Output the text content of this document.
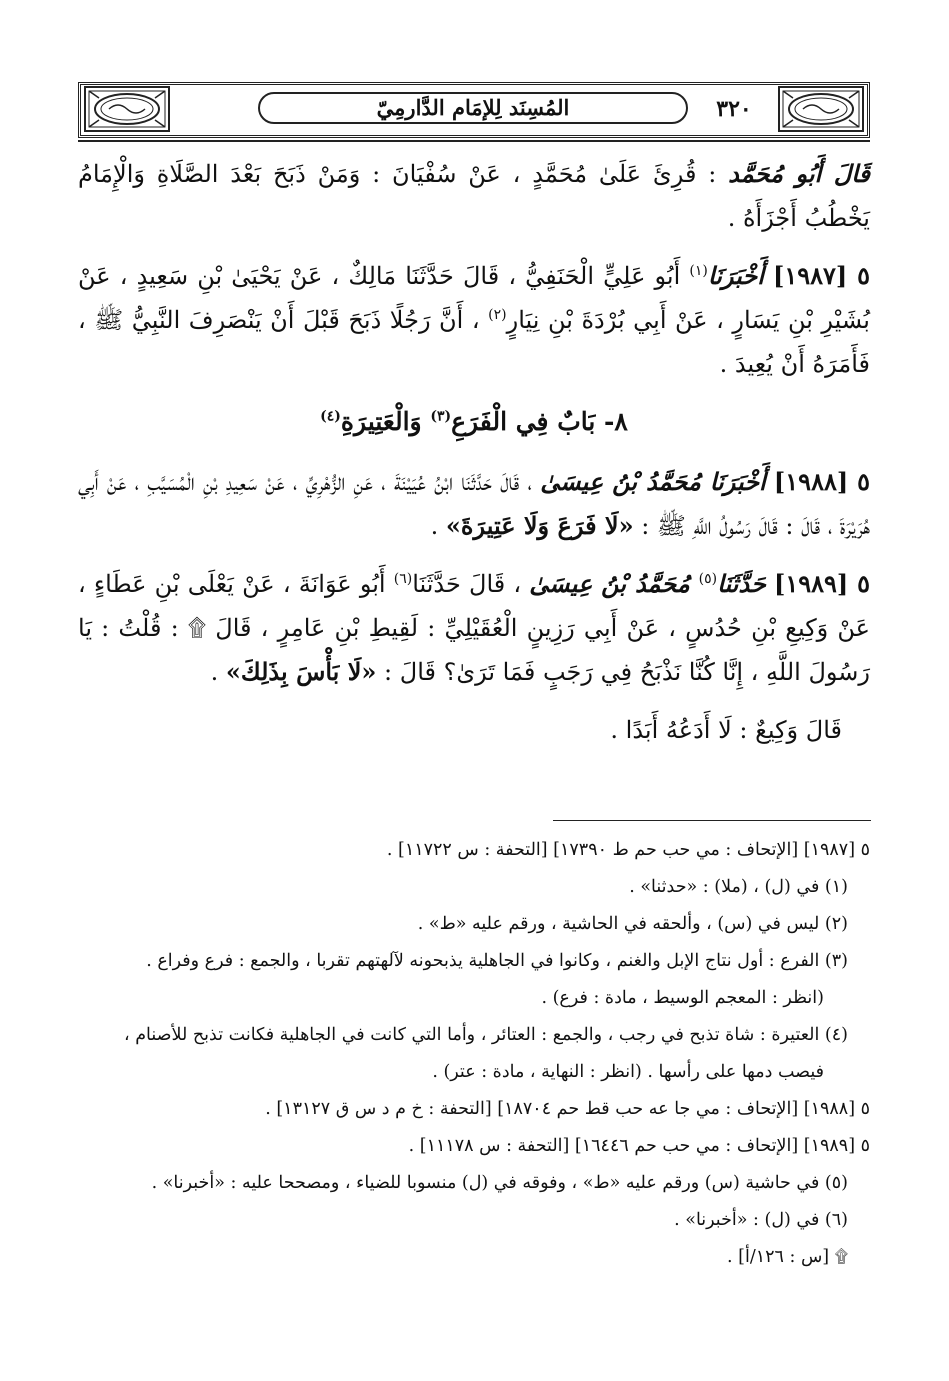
٣٢٠
المُسِنَد لِلإمَام الدَّارمِيّ

قَالَ أَبُو مُحَمَّد : قُرِئَ عَلَىٰ مُحَمَّدٍ ، عَنْ سُفْيَانَ : وَمَنْ ذَبَحَ بَعْدَ الصَّلَاةِ وَالْإِمَامُ يَخْطُبُ أَجْزَأَهُ .

٥ [١٩٨٧] أَخْبَرَنَا$^{(١)}$ أَبُو عَلِيٍّ الْحَنَفِيُّ ، قَالَ حَدَّثَنَا مَالِكٌ ، عَنْ يَحْيَىٰ بْنِ سَعِيدٍ ، عَنْ بُشَيْرِ بْنِ يَسَارٍ ، عَنْ أَبِي بُرْدَةَ بْنِ نِيَارٍ$^{(٢)}$ ، أَنَّ رَجُلًا ذَبَحَ قَبْلَ أَنْ يَنْصَرِفَ النَّبِيُّ ﷺ ، فَأَمَرَهُ أَنْ يُعِيدَ .

٨- بَابٌ فِي الْفَرَعِ$^{(٣)}$ وَالْعَتِيرَةِ$^{(٤)}$

٥ [١٩٨٨] أَخْبَرَنَا مُحَمَّدُ بْنُ عِيسَىٰ ، قَالَ حَدَّثَنَا ابْنُ عُيَيْنَةَ ، عَنِ الزُّهْرِيِّ ، عَنْ سَعِيدِ بْنِ الْمُسَيَّبِ ، عَنْ أَبِي هُرَيْرَةَ ، قَالَ : قَالَ رَسُولُ اللَّهِ ﷺ : «لَا فَرَعَ وَلَا عَتِيرَةَ» .

٥ [١٩٨٩] حَدَّثَنَا$^{(٥)}$ مُحَمَّدُ بْنُ عِيسَىٰ ، قَالَ حَدَّثَنَا$^{(٦)}$ أَبُو عَوَانَةَ ، عَنْ يَعْلَى بْنِ عَطَاءٍ ، عَنْ وَكِيعِ بْنِ حُدُسٍ ، عَنْ أَبِي رَزِينٍ الْعُقَيْلِيِّ : لَقِيطِ بْنِ عَامِرٍ ، قَالَ ۩ : قُلْتُ : يَا رَسُولَ اللَّهِ ، إِنَّا كُنَّا نَذْبَحُ فِي رَجَبٍ فَمَا تَرَىٰ؟ قَالَ : «لَا بَأْسَ بِذَلِكَ» .

قَالَ وَكِيعٌ : لَا أَدَعُهُ أَبَدًا .

٥ [١٩٨٧] [الإتحاف : مي حب حم ط ١٧٣٩٠] [التحفة : س ١١٧٢٢] .

(١) في (ل) ، (ملا) : «حدثنا» .

(٢) ليس في (س) ، وألحقه في الحاشية ، ورقم عليه «ط» .

(٣) الفرع : أول نتاج الإبل والغنم ، وكانوا في الجاهلية يذبحونه لآلهتهم تقربا ، والجمع : فرع وفراع .

(انظر : المعجم الوسيط ، مادة : فرع) .

(٤) العتيرة : شاة تذبح في رجب ، والجمع : العتائر ، وأما التي كانت في الجاهلية فكانت تذبح للأصنام ،

فيصب دمها على رأسها . (انظر : النهاية ، مادة : عتر) .

٥ [١٩٨٨] [الإتحاف : مي جا عه حب قط حم ١٨٧٠٤] [التحفة : خ م د س ق ١٣١٢٧] .

٥ [١٩٨٩] [الإتحاف : مي حب حم ١٦٤٤٦] [التحفة : س ١١١٧٨] .

(٥) في حاشية (س) ورقم عليه «ط» ، وفوقه في (ل) منسوبا للضياء ، ومصححا عليه : «أخبرنا» .

(٦) في (ل) : «أخبرنا» .

۩ [س : ١٢٦/أ] .
